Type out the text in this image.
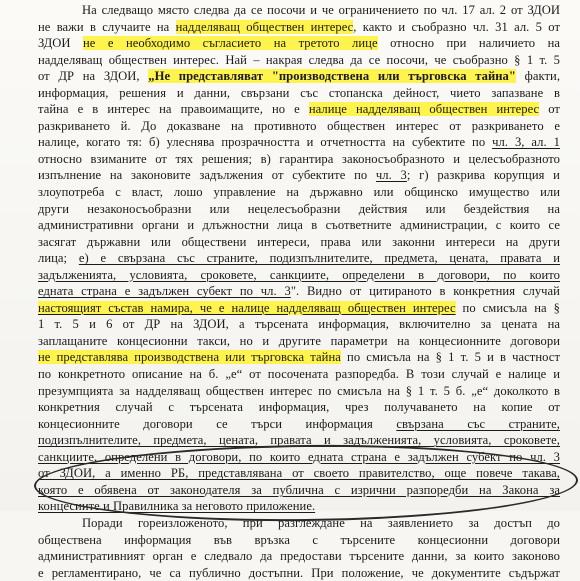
На следващо място следва да се посочи и че ограничението по чл. 17 ал. 2 от ЗДОИ
не важи в случаите на надделяващ обществен интерес, както и съобразно чл. 31 ал. 5 от
ЗДОИ не е необходимо съгласието на третото лице относно при наличието на
надделяващ обществен интерес. Най – накрая следва да се посочи, че съобразно § 1 т. 5
от ДР на ЗДОИ, „Не представляват "производствена или търговска тайна" факти,
информация, решения и данни, свързани със стопанска дейност, чието запазване в
тайна е в интерес на правоимащите, но е налице надделяващ обществен интерес от
разкриването й. До доказване на противното обществен интерес от разкриването е
налице, когато тя: б) улеснява прозрачността и отчетността на субектите по чл. 3, ал. 1
относно взиманите от тях решения; в) гарантира законосъобразното и целесъобразното
изпълнение на законовите задължения от субектите по чл. 3; г) разкрива корупция и
злоупотреба с власт, лошо управление на държавно или общинско имущество или
други незаконосъобразни или нецелесъобразни действия или бездействия на
административни органи и длъжностни лица в съответните администрации, с които се
засягат държавни или обществени интереси, права или законни интереси на други
лица; е) е свързана със страните, подизпълнителите, предмета, цената, правата и
задълженията, условията, сроковете, санкциите, определени в договори, по които
едната страна е задължен субект по чл. 3". Видно от цитираното в конкретния случай
настоящият състав намира, че е налице надделяващ обществен интерес по смисъла на §
1 т. 5 и 6 от ДР на ЗДОИ, а търсената информация, включително за цената на
заплащаните концесионни такси, но и другите параметри на концесионните договори
не представлява производствена или търговска тайна по смисъла на § 1 т. 5 и в частност
по конкретното описание на б. „е“ от посочената разпоредба. В този случай е налице и
презумпцията за надделяващ обществен интерес по смисъла на § 1 т. 5 б. „е“ доколкото в
конкретния случай с търсената информация, чрез получаването на копие от
концесионните договори се търси информация свързана със страните,
подизпълнителите, предмета, цената, правата и задълженията, условията, сроковете,
санкциите, определени в договори, по които едната страна е задължен субект по чл. 3
от ЗДОИ, а именно РБ, представлявана от своето правителство, още повече такава,
която е обявена от законодателя за публична с изрични разпоредби на Закона за
концесиите и Правилника за неговото приложение.
Поради гореизложеното, при разглеждане на заявлението за достъп до
обществена информация във връзка с търсените концесионни договори
административният орган е следвало да предостави търсените данни, за които законово
е регламентирано, че са публично достъпни. При положение, че документите съдържат
